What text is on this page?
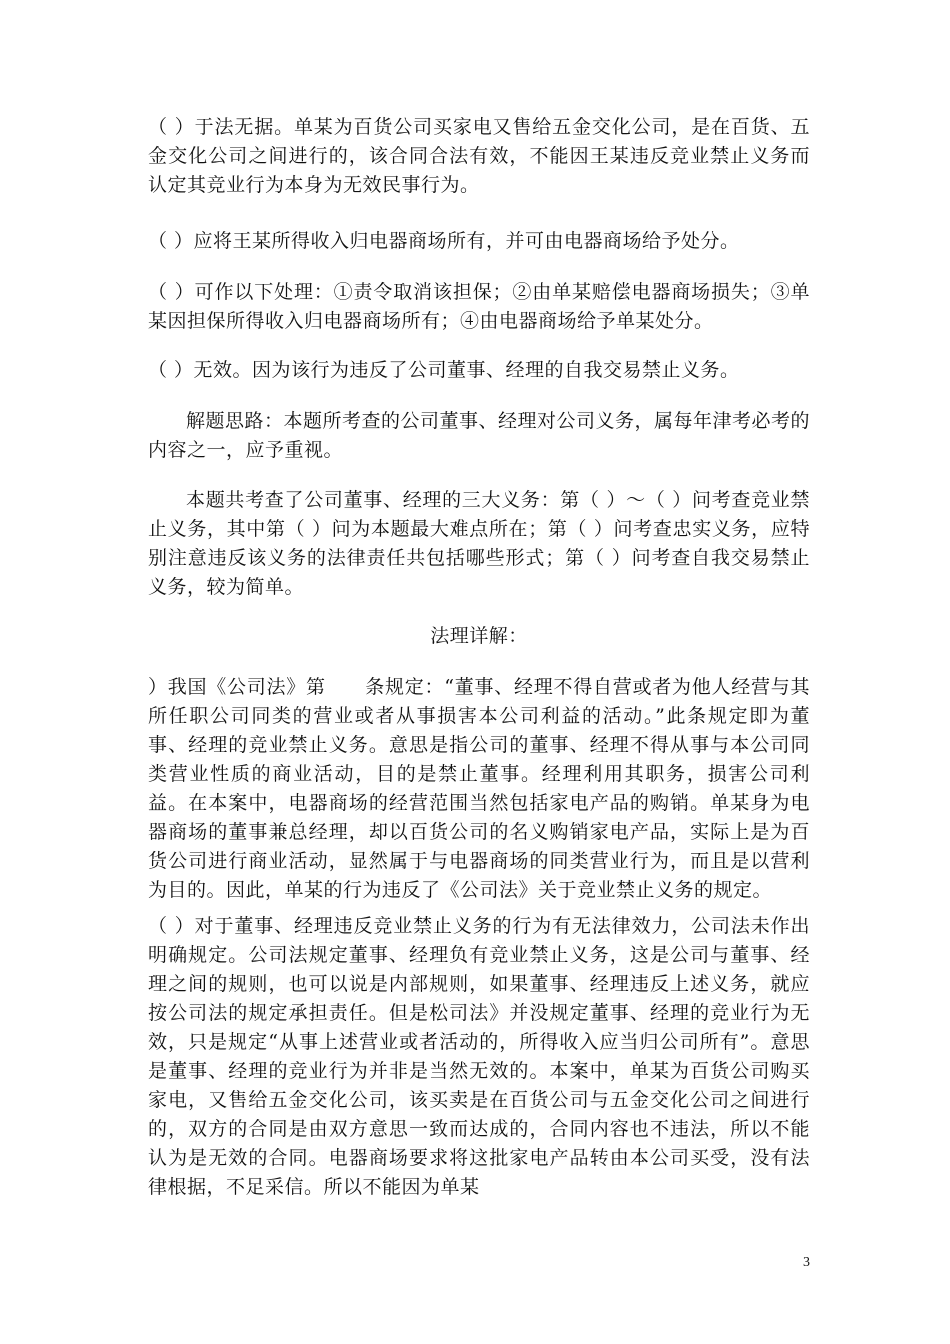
（ ）于法无据。单某为百货公司买家电又售给五金交化公司，是在百货、五金交化公司之间进行的，该合同合法有效，不能因王某违反竞业禁止义务而认定其竞业行为本身为无效民事行为。

（ ）应将王某所得收入归电器商场所有，并可由电器商场给予处分。

（ ）可作以下处理：①责令取消该担保；②由单某赔偿电器商场损失；③单某因担保所得收入归电器商场所有；④由电器商场给予单某处分。

（ ）无效。因为该行为违反了公司董事、经理的自我交易禁止义务。

解题思路：本题所考查的公司董事、经理对公司义务，属每年津考必考的内容之一，应予重视。

本题共考查了公司董事、经理的三大义务：第（ ）～（ ）问考查竞业禁止义务，其中第（ ）问为本题最大难点所在；第（ ）问考查忠实义务，应特别注意违反该义务的法律责任共包括哪些形式；第（ ）问考查自我交易禁止义务，较为简单。

法理详解：

）我国《公司法》第　　条规定：“董事、经理不得自营或者为他人经营与其所任职公司同类的营业或者从事损害本公司利益的活动。”此条规定即为董事、经理的竞业禁止义务。意思是指公司的董事、经理不得从事与本公司同类营业性质的商业活动，目的是禁止董事。经理利用其职务，损害公司利益。在本案中，电器商场的经营范围当然包括家电产品的购销。单某身为电器商场的董事兼总经理，却以百货公司的名义购销家电产品，实际上是为百货公司进行商业活动，显然属于与电器商场的同类营业行为，而且是以营利为目的。因此，单某的行为违反了《公司法》关于竞业禁止义务的规定。

（ ）对于董事、经理违反竞业禁止义务的行为有无法律效力，公司法未作出明确规定。公司法规定董事、经理负有竞业禁止义务，这是公司与董事、经理之间的规则，也可以说是内部规则，如果董事、经理违反上述义务，就应按公司法的规定承担责任。但是松司法》并没规定董事、经理的竞业行为无效，只是规定“从事上述营业或者活动的，所得收入应当归公司所有”。意思是董事、经理的竞业行为并非是当然无效的。本案中，单某为百货公司购买家电，又售给五金交化公司，该买卖是在百货公司与五金交化公司之间进行的，双方的合同是由双方意思一致而达成的，合同内容也不违法，所以不能认为是无效的合同。电器商场要求将这批家电产品转由本公司买受，没有法律根据，不足采信。所以不能因为单某

3
